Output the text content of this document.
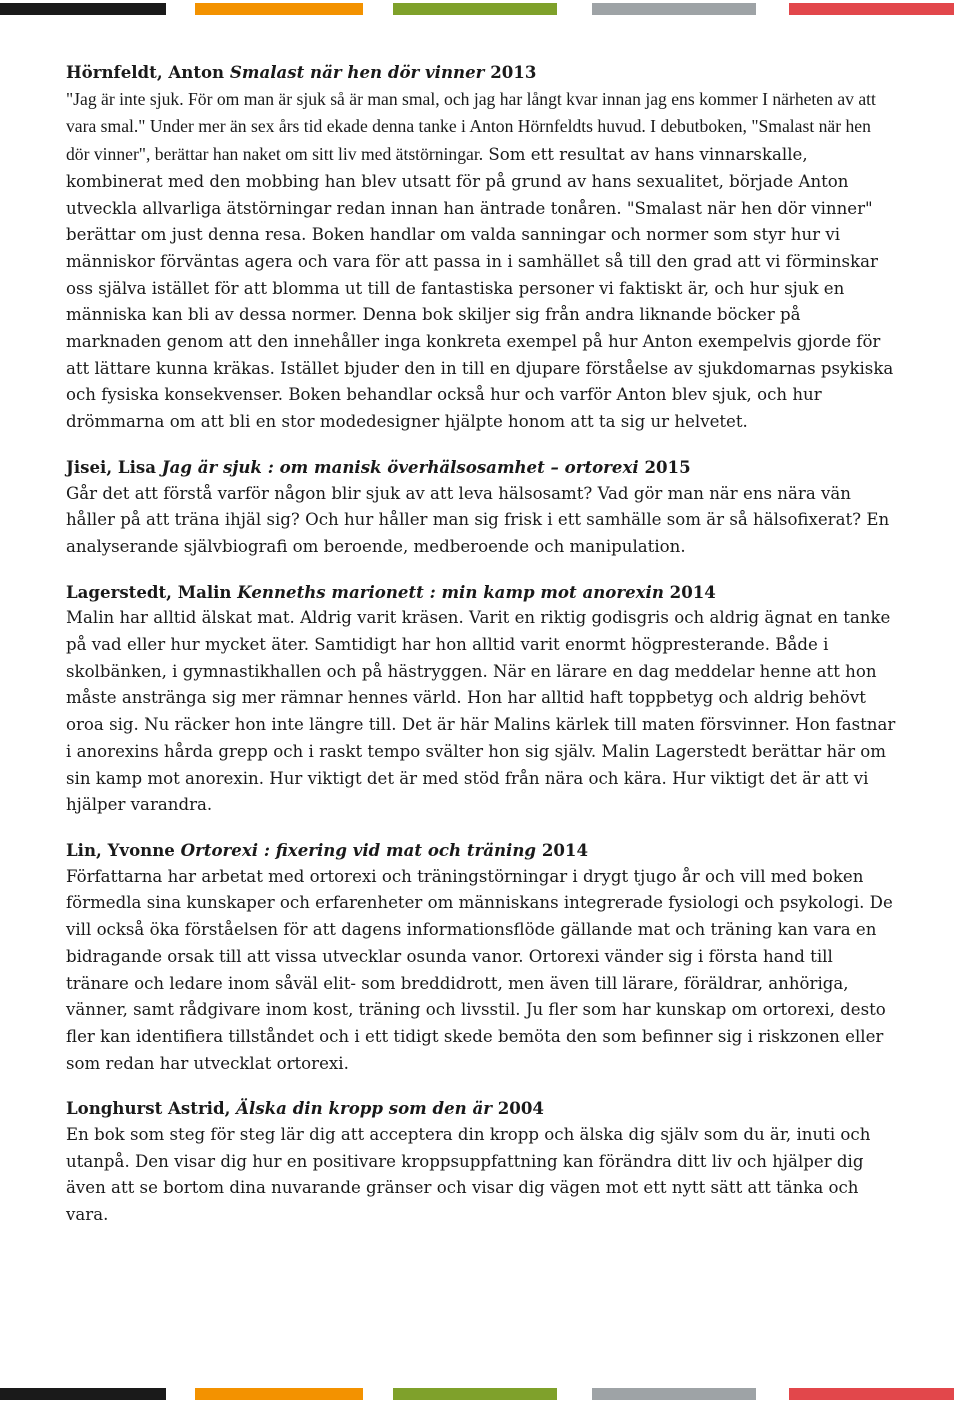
Hörnfeldt, Anton Smalast när hen dör vinner 2013

"Jag är inte sjuk. För om man är sjuk så är man smal, och jag har långt kvar innan jag ens kommer I närheten av att vara smal." Under mer än sex års tid ekade denna tanke i Anton Hörnfeldts huvud. I debutboken, "Smalast när hen dör vinner", berättar han naket om sitt liv med ätstörningar. Som ett resultat av hans vinnarskalle, kombinerat med den mobbing han blev utsatt för på grund av hans sexualitet, började Anton utveckla allvarliga ätstörningar redan innan han äntrade tonåren. "Smalast när hen dör vinner" berättar om just denna resa. Boken handlar om valda sanningar och normer som styr hur vi människor förväntas agera och vara för att passa in i samhället så till den grad att vi förminskar oss själva istället för att blomma ut till de fantastiska personer vi faktiskt är, och hur sjuk en människa kan bli av dessa normer. Denna bok skiljer sig från andra liknande böcker på marknaden genom att den innehåller inga konkreta exempel på hur Anton exempelvis gjorde för att lättare kunna kräkas. Istället bjuder den in till en djupare förståelse av sjukdomarnas psykiska och fysiska konsekvenser. Boken behandlar också hur och varför Anton blev sjuk, och hur drömmarna om att bli en stor modedesigner hjälpte honom att ta sig ur helvetet.

Jisei, Lisa Jag är sjuk : om manisk överhälsosamhet – ortorexi 2015

Går det att förstå varför någon blir sjuk av att leva hälsosamt? Vad gör man när ens nära vän håller på att träna ihjäl sig? Och hur håller man sig frisk i ett samhälle som är så hälsofixerat? En analyserande självbiografi om beroende, medberoende och manipulation.

Lagerstedt, Malin Kenneths marionett : min kamp mot anorexin 2014

Malin har alltid älskat mat. Aldrig varit kräsen. Varit en riktig godisgris och aldrig ägnat en tanke på vad eller hur mycket äter. Samtidigt har hon alltid varit enormt högpresterande. Både i skolbänken, i gymnastikhallen och på hästryggen. När en lärare en dag meddelar henne att hon måste anstränga sig mer rämnar hennes värld. Hon har alltid haft toppbetyg och aldrig behövt oroa sig. Nu räcker hon inte längre till. Det är här Malins kärlek till maten försvinner. Hon fastnar i anorexins hårda grepp och i raskt tempo svälter hon sig själv. Malin Lagerstedt berättar här om sin kamp mot anorexin. Hur viktigt det är med stöd från nära och kära. Hur viktigt det är att vi hjälper varandra.

Lin, Yvonne Ortorexi : fixering vid mat och träning 2014

Författarna har arbetat med ortorexi och träningstörningar i drygt tjugo år och vill med boken förmedla sina kunskaper och erfarenheter om människans integrerade fysiologi och psykologi. De vill också öka förståelsen för att dagens informationsflöde gällande mat och träning kan vara en bidragande orsak till att vissa utvecklar osunda vanor. Ortorexi vänder sig i första hand till tränare och ledare inom såväl elit- som breddidrott, men även till lärare, föräldrar, anhöriga, vänner, samt rådgivare inom kost, träning och livsstil. Ju fler som har kunskap om ortorexi, desto fler kan identifiera tillståndet och i ett tidigt skede bemöta den som befinner sig i riskzonen eller som redan har utvecklat ortorexi.

Longhurst Astrid, Älska din kropp som den är 2004

En bok som steg för steg lär dig att acceptera din kropp och älska dig själv som du är, inuti och utanpå. Den visar dig hur en positivare kroppsuppfattning kan förändra ditt liv och hjälper dig även att se bortom dina nuvarande gränser och visar dig vägen mot ett nytt sätt att tänka och vara.
